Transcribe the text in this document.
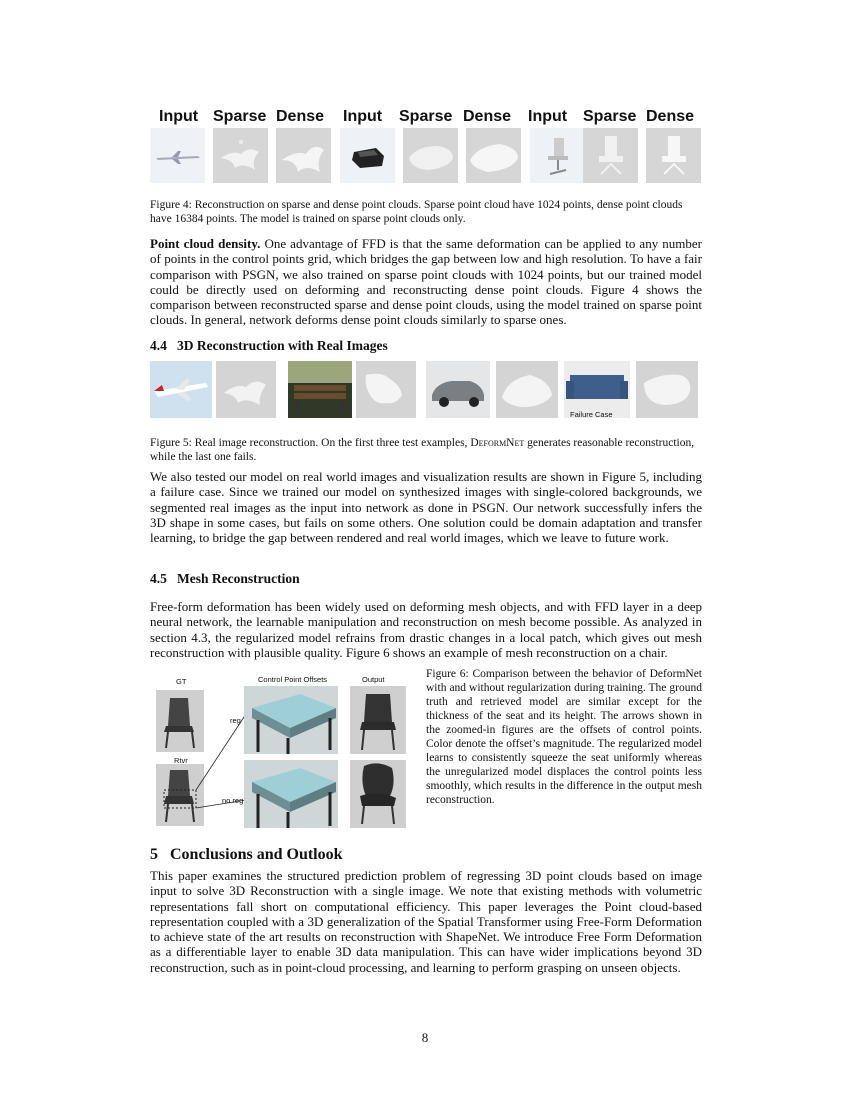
Input Sparse Dense Input Sparse Dense Input Sparse Dense
Figure 4: Reconstruction on sparse and dense point clouds. Sparse point cloud have 1024 points, dense point clouds have 16384 points. The model is trained on sparse point clouds only.
Point cloud density. One advantage of FFD is that the same deformation can be applied to any number of points in the control points grid, which bridges the gap between low and high resolution. To have a fair comparison with PSGN, we also trained on sparse point clouds with 1024 points, but our trained model could be directly used on deforming and reconstructing dense point clouds. Figure 4 shows the comparison between reconstructed sparse and dense point clouds, using the model trained on sparse point clouds. In general, network deforms dense point clouds similarly to sparse ones.
4.4 3D Reconstruction with Real Images
Failure Case
Figure 5: Real image reconstruction. On the first three test examples, DeformNet generates reasonable reconstruction, while the last one fails.
We also tested our model on real world images and visualization results are shown in Figure 5, including a failure case. Since we trained our model on synthesized images with single-colored backgrounds, we segmented real images as the input into network as done in PSGN. Our network successfully infers the 3D shape in some cases, but fails on some others. One solution could be domain adaptation and transfer learning, to bridge the gap between rendered and real world images, which we leave to future work.
4.5 Mesh Reconstruction
Free-form deformation has been widely used on deforming mesh objects, and with FFD layer in a deep neural network, the learnable manipulation and reconstruction on mesh become possible. As analyzed in section 4.3, the regularized model refrains from drastic changes in a local patch, which gives out mesh reconstruction with plausible quality. Figure 6 shows an example of mesh reconstruction on a chair.
GT	Control Point Offsets	Output
Rtvr
reg
no reg
Figure 6: Comparison between the behavior of DeformNet with and without regularization during training. The ground truth and retrieved model are similar except for the thickness of the seat and its height. The arrows shown in the zoomed-in figures are the offsets of control points. Color denote the offset’s magnitude. The regularized model learns to consistently squeeze the seat uniformly whereas the unregularized model displaces the control points less smoothly, which results in the difference in the output mesh reconstruction.
5 Conclusions and Outlook
This paper examines the structured prediction problem of regressing 3D point clouds based on image input to solve 3D Reconstruction with a single image. We note that existing methods with volumetric representations fall short on computational efficiency. This paper leverages the Point cloud-based representation coupled with a 3D generalization of the Spatial Transformer using Free-Form Deformation to achieve state of the art results on reconstruction with ShapeNet. We introduce Free Form Deformation as a differentiable layer to enable 3D data manipulation. This can have wider implications beyond 3D reconstruction, such as in point-cloud processing, and learning to perform grasping on unseen objects.
8
